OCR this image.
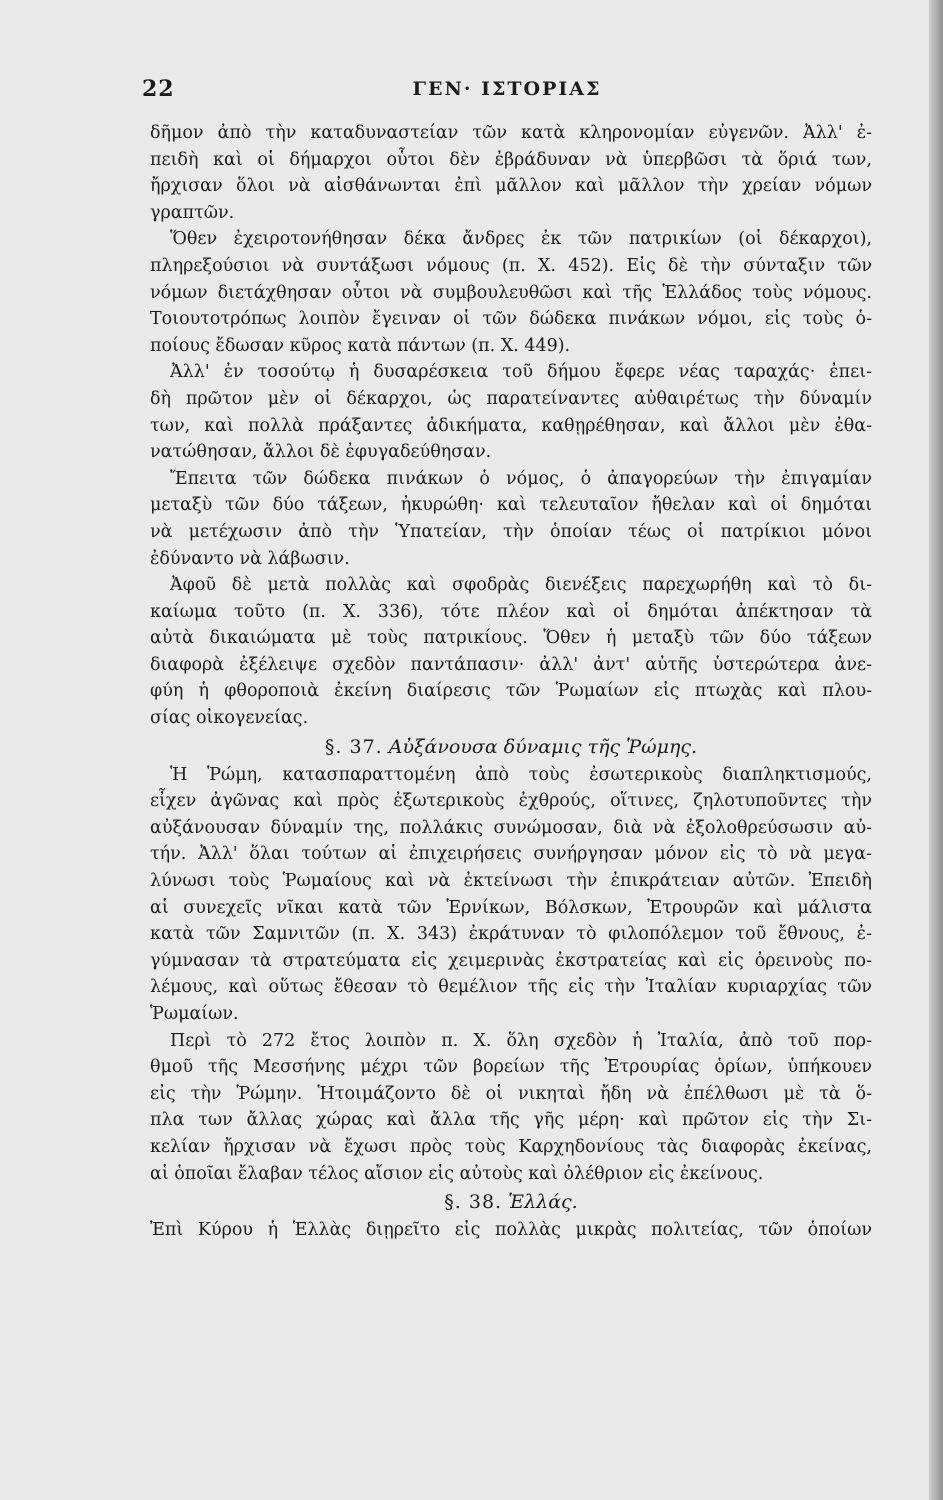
22	ΓΕΝ· ΙΣΤΟΡΙΑΣ
δῆμον ἀπὸ τὴν καταδυναστείαν τῶν κατὰ κληρονομίαν εὐγενῶν. Ἀλλ' ἐ-
πειδὴ καὶ οἱ δήμαρχοι οὗτοι δὲν ἐβράδυναν νὰ ὑπερβῶσι τὰ ὅριά των,
ἤρχισαν ὅλοι νὰ αἰσθάνωνται ἐπὶ μᾶλλον καὶ μᾶλλον τὴν χρείαν νόμων
γραπτῶν.
Ὅθεν ἐχειροτονήθησαν δέκα ἄνδρες ἐκ τῶν πατρικίων (οἱ δέκαρχοι),
πληρεξούσιοι νὰ συντάξωσι νόμους (π. Χ. 452). Εἰς δὲ τὴν σύνταξιν τῶν
νόμων διετάχθησαν οὗτοι νὰ συμβουλευθῶσι καὶ τῆς Ἑλλάδος τοὺς νόμους.
Τοιουτοτρόπως λοιπὸν ἔγειναν οἱ τῶν δώδεκα πινάκων νόμοι, εἰς τοὺς ὁ-
ποίους ἔδωσαν κῦρος κατὰ πάντων (π. Χ. 449).
Ἀλλ' ἐν τοσούτῳ ἡ δυσαρέσκεια τοῦ δήμου ἔφερε νέας ταραχάς· ἐπει-
δὴ πρῶτον μὲν οἱ δέκαρχοι, ὡς παρατείναντες αὐθαιρέτως τὴν δύναμίν
των, καὶ πολλὰ πράξαντες ἀδικήματα, καθῃρέθησαν, καὶ ἄλλοι μὲν ἐθα-
νατώθησαν, ἄλλοι δὲ ἐφυγαδεύθησαν.
Ἔπειτα τῶν δώδεκα πινάκων ὁ νόμος, ὁ ἀπαγορεύων τὴν ἐπιγαμίαν
μεταξὺ τῶν δύο τάξεων, ἠκυρώθη· καὶ τελευταῖον ἤθελαν καὶ οἱ δημόται
νὰ μετέχωσιν ἀπὸ τὴν Ὑπατείαν, τὴν ὁποίαν τέως οἱ πατρίκιοι μόνοι
ἐδύναντο νὰ λάβωσιν.
Ἀφοῦ δὲ μετὰ πολλὰς καὶ σφοδρὰς διενέξεις παρεχωρήθη καὶ τὸ δι-
καίωμα τοῦτο (π. Χ. 336), τότε πλέον καὶ οἱ δημόται ἀπέκτησαν τὰ
αὐτὰ δικαιώματα μὲ τοὺς πατρικίους. Ὅθεν ἡ μεταξὺ τῶν δύο τάξεων
διαφορὰ ἐξέλειψε σχεδὸν παντάπασιν· ἀλλ' ἀντ' αὐτῆς ὑστερώτερα ἀνε-
φύη ἡ φθοροποιὰ ἐκείνη διαίρεσις τῶν Ῥωμαίων εἰς πτωχὰς καὶ πλου-
σίας οἰκογενείας.
§. 37. Αὐξάνουσα δύναμις τῆς Ῥώμης.
Ἡ Ῥώμη, κατασπαραττομένη ἀπὸ τοὺς ἐσωτερικοὺς διαπληκτισμούς,
εἶχεν ἀγῶνας καὶ πρὸς ἐξωτερικοὺς ἐχθρούς, οἵτινες, ζηλοτυποῦντες τὴν
αὐξάνουσαν δύναμίν της, πολλάκις συνώμοσαν, διὰ νὰ ἐξολοθρεύσωσιν αὐ-
τήν. Ἀλλ' ὅλαι τούτων αἱ ἐπιχειρήσεις συνήργησαν μόνον εἰς τὸ νὰ μεγα-
λύνωσι τοὺς Ῥωμαίους καὶ νὰ ἐκτείνωσι τὴν ἐπικράτειαν αὐτῶν. Ἐπειδὴ
αἱ συνεχεῖς νῖκαι κατὰ τῶν Ἑρνίκων, Βόλσκων, Ἐτρουρῶν καὶ μάλιστα
κατὰ τῶν Σαμνιτῶν (π. Χ. 343) ἐκράτυναν τὸ φιλοπόλεμον τοῦ ἔθνους, ἐ-
γύμνασαν τὰ στρατεύματα εἰς χειμερινὰς ἐκστρατείας καὶ εἰς ὀρεινοὺς πο-
λέμους, καὶ οὕτως ἔθεσαν τὸ θεμέλιον τῆς εἰς τὴν Ἰταλίαν κυριαρχίας τῶν
Ῥωμαίων.
Περὶ τὸ 272 ἔτος λοιπὸν π. Χ. ὅλη σχεδὸν ἡ Ἰταλία, ἀπὸ τοῦ πορ-
θμοῦ τῆς Μεσσήνης μέχρι τῶν βορείων τῆς Ἐτρουρίας ὁρίων, ὑπήκουεν
εἰς τὴν Ῥώμην. Ἡτοιμάζοντο δὲ οἱ νικηταὶ ἤδη νὰ ἐπέλθωσι μὲ τὰ ὅ-
πλα των ἄλλας χώρας καὶ ἄλλα τῆς γῆς μέρη· καὶ πρῶτον εἰς τὴν Σι-
κελίαν ἤρχισαν νὰ ἔχωσι πρὸς τοὺς Καρχηδονίους τὰς διαφορὰς ἐκείνας,
αἱ ὁποῖαι ἔλαβαν τέλος αἴσιον εἰς αὐτοὺς καὶ ὀλέθριον εἰς ἐκείνους.
§. 38. Ἑλλάς.
Ἐπὶ Κύρου ἡ Ἑλλὰς διῃρεῖτο εἰς πολλὰς μικρὰς πολιτείας, τῶν ὁποίων
